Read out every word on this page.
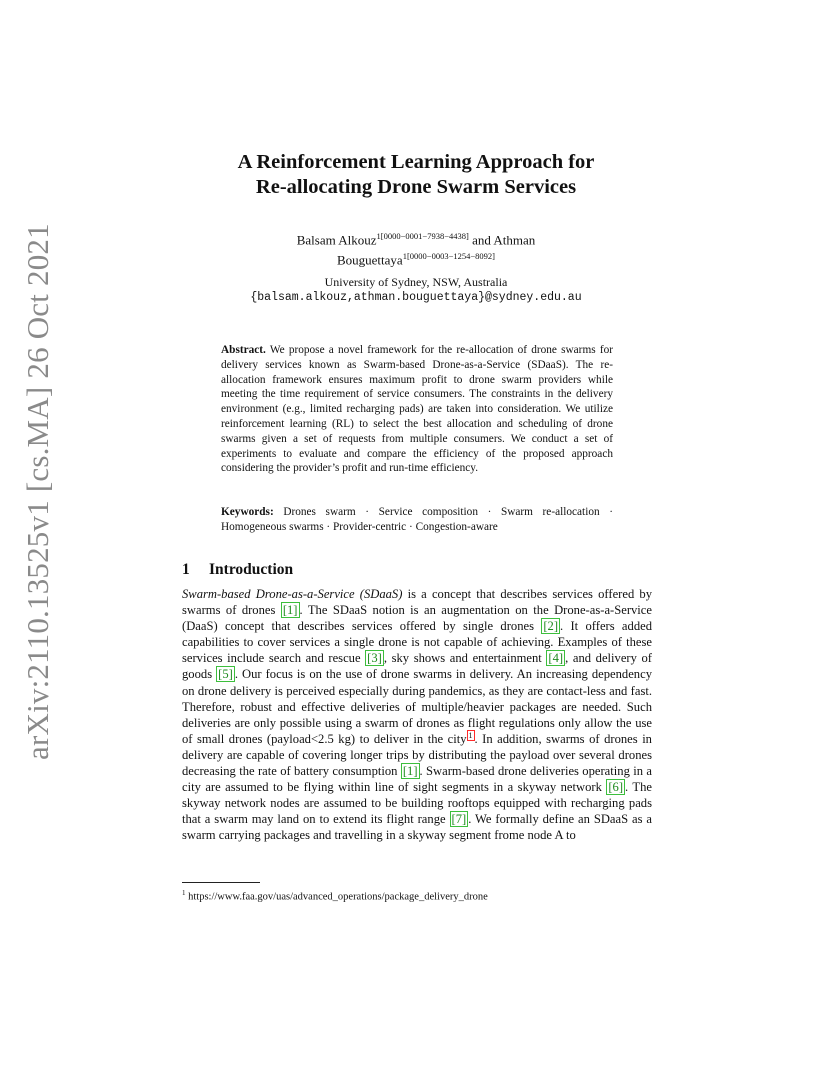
arXiv:2110.13525v1 [cs.MA] 26 Oct 2021
A Reinforcement Learning Approach for
Re-allocating Drone Swarm Services
Balsam Alkouz$^{1[0000-0001-7938-4438]}$ and Athman
Bouguettaya$^{1[0000-0003-1254-8092]}$
University of Sydney, NSW, Australia
{balsam.alkouz,athman.bouguettaya}@sydney.edu.au
Abstract. We propose a novel framework for the re-allocation of drone swarms for delivery services known as Swarm-based Drone-as-a-Service (SDaaS). The re-allocation framework ensures maximum profit to drone swarm providers while meeting the time requirement of service consumers. The constraints in the delivery environment (e.g., limited recharging pads) are taken into consideration. We utilize reinforcement learning (RL) to select the best allocation and scheduling of drone swarms given a set of requests from multiple consumers. We conduct a set of experiments to evaluate and compare the efficiency of the proposed approach considering the provider’s profit and run-time efficiency.
Keywords: Drones swarm · Service composition · Swarm re-allocation · Homogeneous swarms · Provider-centric · Congestion-aware
1 Introduction
Swarm-based Drone-as-a-Service (SDaaS) is a concept that describes services offered by swarms of drones [1] . The SDaaS notion is an augmentation on the Drone-as-a-Service (DaaS) concept that describes services offered by single drones [2] . It offers added capabilities to cover services a single drone is not capable of achieving. Examples of these services include search and rescue [3] , sky shows and entertainment [4] , and delivery of goods [5] . Our focus is on the use of drone swarms in delivery. An increasing dependency on drone delivery is perceived especially during pandemics, as they are contact-less and fast. Therefore, robust and effective deliveries of multiple/heavier packages are needed. Such deliveries are only possible using a swarm of drones as flight regulations only allow the use of small drones (payload<2.5 kg) to deliver in the city $^1$ . In addition, swarms of drones in delivery are capable of covering longer trips by distributing the payload over several drones decreasing the rate of battery consumption [1] . Swarm-based drone deliveries operating in a city are assumed to be flying within line of sight segments in a skyway network [6] . The skyway network nodes are assumed to be building rooftops equipped with recharging pads that a swarm may land on to extend its flight range [7] . We formally define an SDaaS as a swarm carrying packages and travelling in a skyway segment frome node A to
$^1$ https://www.faa.gov/uas/advanced_operations/package_delivery_drone
